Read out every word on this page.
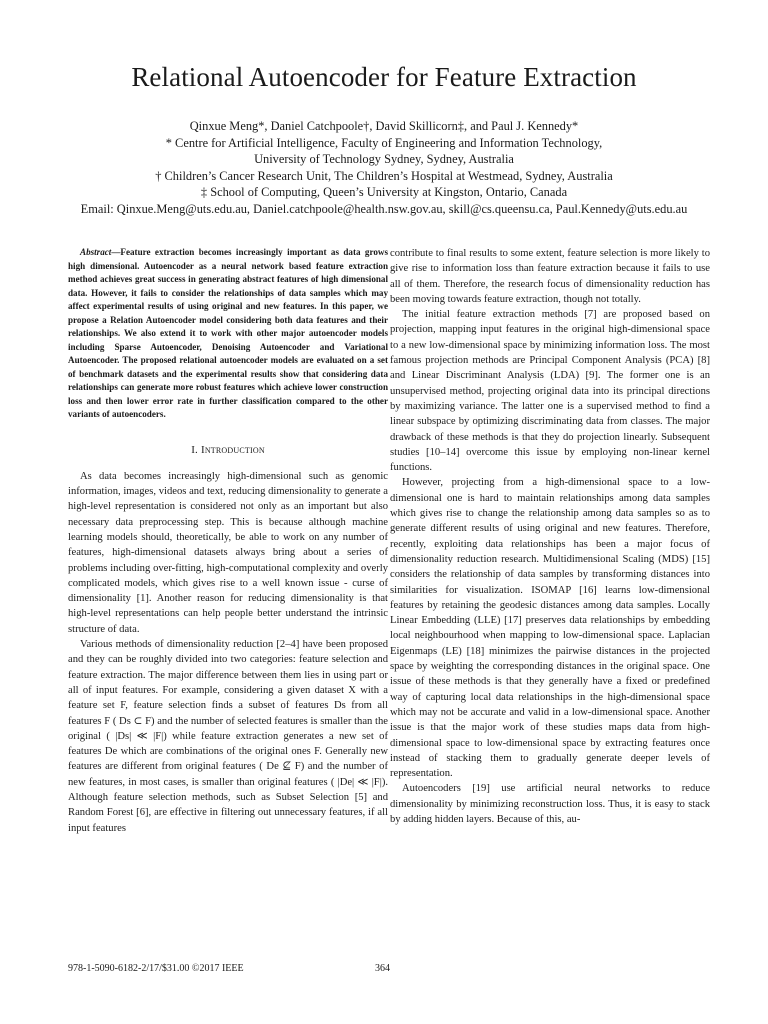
Relational Autoencoder for Feature Extraction
Qinxue Meng*, Daniel Catchpoole†, David Skillicorn‡, and Paul J. Kennedy*
* Centre for Artificial Intelligence, Faculty of Engineering and Information Technology,
University of Technology Sydney, Sydney, Australia
† Children’s Cancer Research Unit, The Children’s Hospital at Westmead, Sydney, Australia
‡ School of Computing, Queen’s University at Kingston, Ontario, Canada
Email: Qinxue.Meng@uts.edu.au, Daniel.catchpoole@health.nsw.gov.au, skill@cs.queensu.ca, Paul.Kennedy@uts.edu.au

Abstract—Feature extraction becomes increasingly important as data grows high dimensional. Autoencoder as a neural network based feature extraction method achieves great success in generating abstract features of high dimensional data. However, it fails to consider the relationships of data samples which may affect experimental results of using original and new features. In this paper, we propose a Relation Autoencoder model considering both data features and their relationships. We also extend it to work with other major autoencoder models including Sparse Autoencoder, Denoising Autoencoder and Variational Autoencoder. The proposed relational autoencoder models are evaluated on a set of benchmark datasets and the experimental results show that considering data relationships can generate more robust features which achieve lower construction loss and then lower error rate in further classification compared to the other variants of autoencoders.

I. Introduction

As data becomes increasingly high-dimensional such as genomic information, images, videos and text, reducing dimensionality to generate a high-level representation is considered not only as an important but also necessary data preprocessing step. This is because although machine learning models should, theoretically, be able to work on any number of features, high-dimensional datasets always bring about a series of problems including over-fitting, high-computational complexity and overly complicated models, which gives rise to a well known issue - curse of dimensionality [1]. Another reason for reducing dimensionality is that high-level representations can help people better understand the intrinsic structure of data.

Various methods of dimensionality reduction [2–4] have been proposed and they can be roughly divided into two categories: feature selection and feature extraction. The major difference between them lies in using part or all of input features. For example, considering a given dataset X with a feature set F, feature selection finds a subset of features Ds from all features F ( Ds ⊂ F) and the number of selected features is smaller than the original ( |Ds| ≪ |F|) while feature extraction generates a new set of features De which are combinations of the original ones F. Generally new features are different from original features ( De ⊈ F) and the number of new features, in most cases, is smaller than original features ( |De| ≪ |F|). Although feature selection methods, such as Subset Selection [5] and Random Forest [6], are effective in filtering out unnecessary features, if all input features

contribute to final results to some extent, feature selection is more likely to give rise to information loss than feature extraction because it fails to use all of them. Therefore, the research focus of dimensionality reduction has been moving towards feature extraction, though not totally.

The initial feature extraction methods [7] are proposed based on projection, mapping input features in the original high-dimensional space to a new low-dimensional space by minimizing information loss. The most famous projection methods are Principal Component Analysis (PCA) [8] and Linear Discriminant Analysis (LDA) [9]. The former one is an unsupervised method, projecting original data into its principal directions by maximizing variance. The latter one is a supervised method to find a linear subspace by optimizing discriminating data from classes. The major drawback of these methods is that they do projection linearly. Subsequent studies [10–14] overcome this issue by employing non-linear kernel functions.

However, projecting from a high-dimensional space to a low-dimensional one is hard to maintain relationships among data samples which gives rise to change the relationship among data samples so as to generate different results of using original and new features. Therefore, recently, exploiting data relationships has been a major focus of dimensionality reduction research. Multidimensional Scaling (MDS) [15] considers the relationship of data samples by transforming distances into similarities for visualization. ISOMAP [16] learns low-dimensional features by retaining the geodesic distances among data samples. Locally Linear Embedding (LLE) [17] preserves data relationships by embedding local neighbourhood when mapping to low-dimensional space. Laplacian Eigenmaps (LE) [18] minimizes the pairwise distances in the projected space by weighting the corresponding distances in the original space. One issue of these methods is that they generally have a fixed or predefined way of capturing local data relationships in the high-dimensional space which may not be accurate and valid in a low-dimensional space. Another issue is that the major work of these studies maps data from high-dimensional space to low-dimensional space by extracting features once instead of stacking them to gradually generate deeper levels of representation.

Autoencoders [19] use artificial neural networks to reduce dimensionality by minimizing reconstruction loss. Thus, it is easy to stack by adding hidden layers. Because of this, au-

978-1-5090-6182-2/17/$31.00 ©2017 IEEE	364
